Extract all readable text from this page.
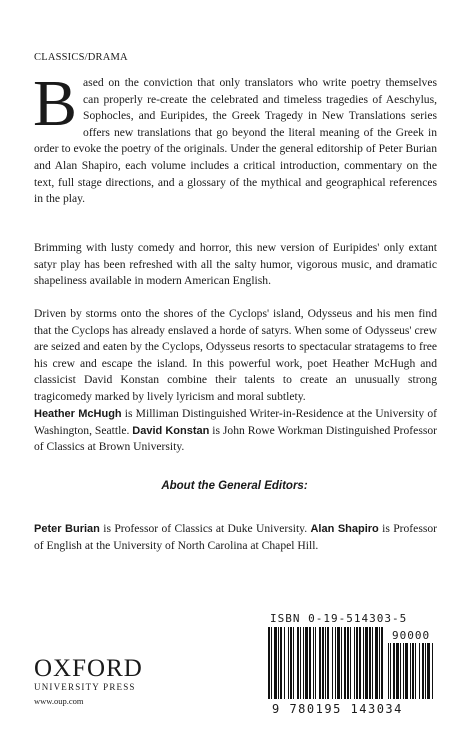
CLASSICS/DRAMA

Based on the conviction that only translators who write poetry themselves can properly re-create the celebrated and timeless tragedies of Aeschylus, Sophocles, and Euripides, the Greek Tragedy in New Translations series offers new translations that go beyond the literal meaning of the Greek in order to evoke the poetry of the originals. Under the general editorship of Peter Burian and Alan Shapiro, each volume includes a critical introduction, commentary on the text, full stage directions, and a glossary of the mythical and geographical references in the play.

Brimming with lusty comedy and horror, this new version of Euripides' only extant satyr play has been refreshed with all the salty humor, vigorous music, and dramatic shapeliness available in modern American English.

Driven by storms onto the shores of the Cyclops' island, Odysseus and his men find that the Cyclops has already enslaved a horde of satyrs. When some of Odysseus' crew are seized and eaten by the Cyclops, Odysseus resorts to spectacular stratagems to free his crew and escape the island. In this powerful work, poet Heather McHugh and classicist David Konstan combine their talents to create an unusually strong tragicomedy marked by lively lyricism and moral subtlety.

Heather McHugh is Milliman Distinguished Writer-in-Residence at the University of Washington, Seattle. David Konstan is John Rowe Workman Distinguished Professor of Classics at Brown University.

About the General Editors:

Peter Burian is Professor of Classics at Duke University. Alan Shapiro is Professor of English at the University of North Carolina at Chapel Hill.

OXFORD
UNIVERSITY PRESS
www.oup.com
ISBN 0-19-514303-5
90000
9 780195 143034
